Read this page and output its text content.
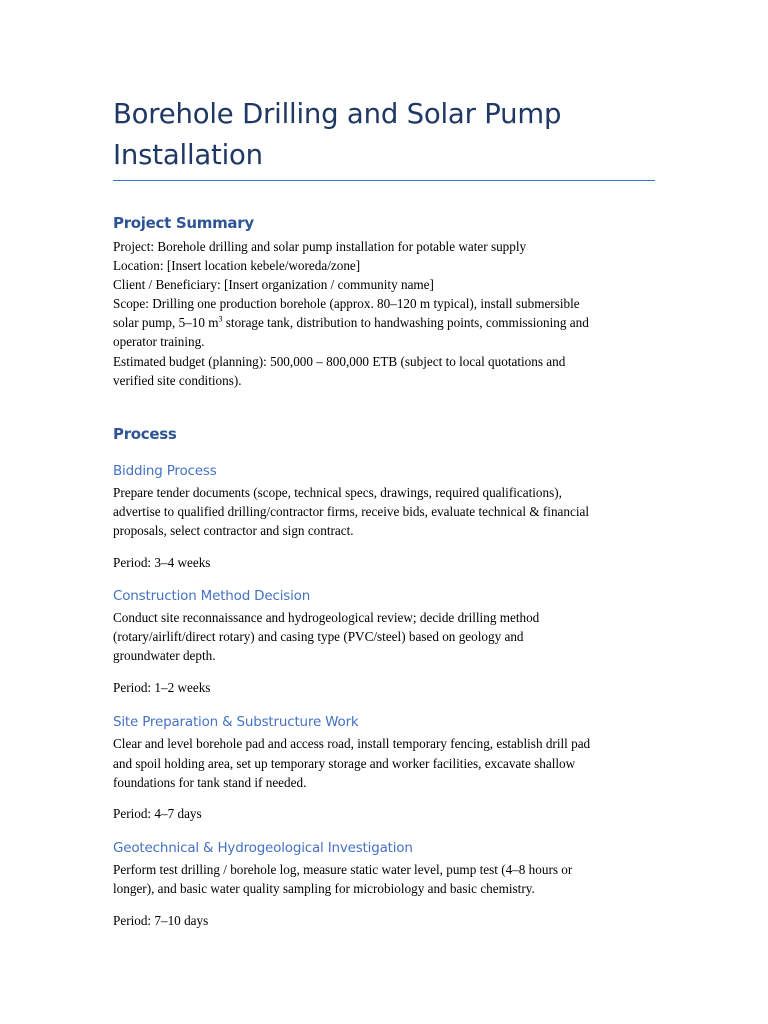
Borehole Drilling and Solar Pump
Installation
Project Summary

Project: Borehole drilling and solar pump installation for potable water supply

Location: [Insert location kebele/woreda/zone]

Client / Beneficiary: [Insert organization / community name]

Scope: Drilling one production borehole (approx. 80–120 m typical), install submersible

solar pump, 5–10 $m^3$ storage tank, distribution to handwashing points, commissioning and

operator training.

Estimated budget (planning): 500,000 – 800,000 ETB (subject to local quotations and

verified site conditions).

Process
Bidding Process

Prepare tender documents (scope, technical specs, drawings, required qualifications),

advertise to qualified drilling/contractor firms, receive bids, evaluate technical & financial

proposals, select contractor and sign contract.

Period: 3–4 weeks

Construction Method Decision

Conduct site reconnaissance and hydrogeological review; decide drilling method

(rotary/airlift/direct rotary) and casing type (PVC/steel) based on geology and

groundwater depth.

Period: 1–2 weeks

Site Preparation & Substructure Work

Clear and level borehole pad and access road, install temporary fencing, establish drill pad

and spoil holding area, set up temporary storage and worker facilities, excavate shallow

foundations for tank stand if needed.

Period: 4–7 days

Geotechnical & Hydrogeological Investigation

Perform test drilling / borehole log, measure static water level, pump test (4–8 hours or

longer), and basic water quality sampling for microbiology and basic chemistry.

Period: 7–10 days
